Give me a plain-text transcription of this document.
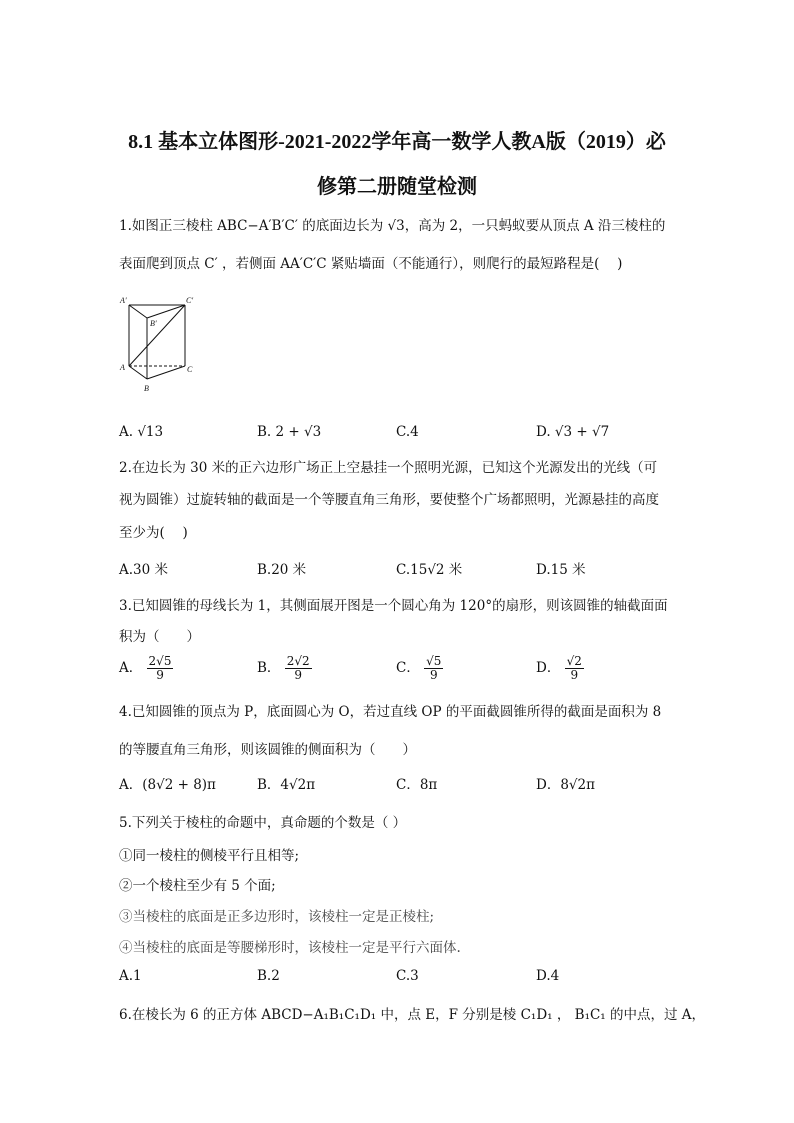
8.1 基本立体图形-2021-2022学年高一数学人教A版（2019）必
修第二册随堂检测
1.如图正三棱柱 ABC−A′B′C′ 的底面边长为 √3，高为 2，一只蚂蚁要从顶点 A 沿三棱柱的
表面爬到顶点 C′ ，若侧面 AA′C′C 紧贴墙面（不能通行），则爬行的最短路程是(　 )
A′	C′
B′
A
B
C
A. √13	B. 2 + √3	C.4	D. √3 + √7
2.在边长为 30 米的正六边形广场正上空悬挂一个照明光源，已知这个光源发出的光线（可
视为圆锥）过旋转轴的截面是一个等腰直角三角形，要使整个广场都照明，光源悬挂的高度
至少为(　 )
A.30 米	B.20 米	C.15√2 米	D.15 米
3.已知圆锥的母线长为 1，其侧面展开图是一个圆心角为 120°的扇形，则该圆锥的轴截面面
积为（　　）
A． $\frac{2√5}{9}$	B． $\frac{2√2}{9}$	C． $\frac{√5}{9}$	D． $\frac{√2}{9}$
4.已知圆锥的顶点为 P，底面圆心为 O，若过直线 OP 的平面截圆锥所得的截面是面积为 8
的等腰直角三角形，则该圆锥的侧面积为（　　）
A．(8√2 + 8)π	B．4√2π	C．8π	D．8√2π
5.下列关于棱柱的命题中，真命题的个数是（ ）
①同一棱柱的侧棱平行且相等;
②一个棱柱至少有 5 个面;
③当棱柱的底面是正多边形时，该棱柱一定是正棱柱;
④当棱柱的底面是等腰梯形时，该棱柱一定是平行六面体.
A.1	B.2	C.3	D.4
6.在棱长为 6 的正方体 ABCD−A₁B₁C₁D₁ 中，点 E，F 分别是棱 C₁D₁ ， B₁C₁ 的中点，过 A，
